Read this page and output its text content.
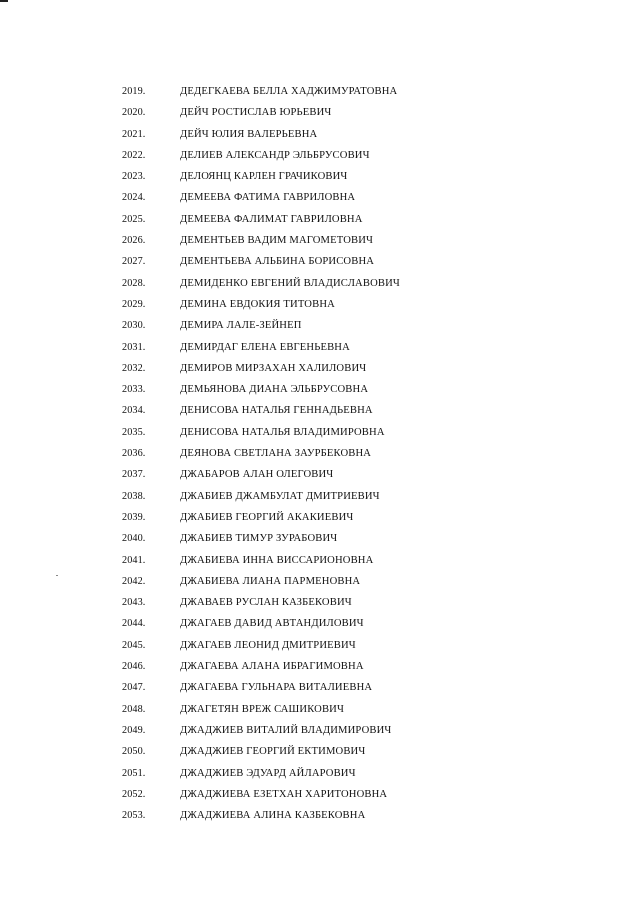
2019.	ДЕДЕГКАЕВА БЕЛЛА ХАДЖИМУРАТОВНА
2020.	ДЕЙЧ РОСТИСЛАВ ЮРЬЕВИЧ
2021.	ДЕЙЧ ЮЛИЯ ВАЛЕРЬЕВНА
2022.	ДЕЛИЕВ АЛЕКСАНДР ЭЛЬБРУСОВИЧ
2023.	ДЕЛОЯНЦ КАРЛЕН ГРАЧИКОВИЧ
2024.	ДЕМЕЕВА ФАТИМА ГАВРИЛОВНА
2025.	ДЕМЕЕВА ФАЛИМАТ ГАВРИЛОВНА
2026.	ДЕМЕНТЬЕВ ВАДИМ МАГОМЕТОВИЧ
2027.	ДЕМЕНТЬЕВА АЛЬБИНА БОРИСОВНА
2028.	ДЕМИДЕНКО ЕВГЕНИЙ ВЛАДИСЛАВОВИЧ
2029.	ДЕМИНА ЕВДОКИЯ ТИТОВНА
2030.	ДЕМИРА ЛАЛЕ-ЗЕЙНЕП
2031.	ДЕМИРДАГ ЕЛЕНА ЕВГЕНЬЕВНА
2032.	ДЕМИРОВ МИРЗАХАН ХАЛИЛОВИЧ
2033.	ДЕМЬЯНОВА ДИАНА ЭЛЬБРУСОВНА
2034.	ДЕНИСОВА НАТАЛЬЯ ГЕННАДЬЕВНА
2035.	ДЕНИСОВА НАТАЛЬЯ ВЛАДИМИРОВНА
2036.	ДЕЯНОВА СВЕТЛАНА ЗАУРБЕКОВНА
2037.	ДЖАБАРОВ АЛАН ОЛЕГОВИЧ
2038.	ДЖАБИЕВ ДЖАМБУЛАТ ДМИТРИЕВИЧ
2039.	ДЖАБИЕВ ГЕОРГИЙ АКАКИЕВИЧ
2040.	ДЖАБИЕВ ТИМУР ЗУРАБОВИЧ
2041.	ДЖАБИЕВА ИННА ВИССАРИОНОВНА
2042.	ДЖАБИЕВА ЛИАНА ПАРМЕНОВНА
2043.	ДЖАВАЕВ РУСЛАН КАЗБЕКОВИЧ
2044.	ДЖАГАЕВ ДАВИД АВТАНДИЛОВИЧ
2045.	ДЖАГАЕВ ЛЕОНИД ДМИТРИЕВИЧ
2046.	ДЖАГАЕВА АЛАНА ИБРАГИМОВНА
2047.	ДЖАГАЕВА ГУЛЬНАРА ВИТАЛИЕВНА
2048.	ДЖАГЕТЯН ВРЕЖ САШИКОВИЧ
2049.	ДЖАДЖИЕВ ВИТАЛИЙ ВЛАДИМИРОВИЧ
2050.	ДЖАДЖИЕВ ГЕОРГИЙ ЕКТИМОВИЧ
2051.	ДЖАДЖИЕВ ЭДУАРД АЙЛАРОВИЧ
2052.	ДЖАДЖИЕВА ЕЗЕТХАН ХАРИТОНОВНА
2053.	ДЖАДЖИЕВА АЛИНА КАЗБЕКОВНА
